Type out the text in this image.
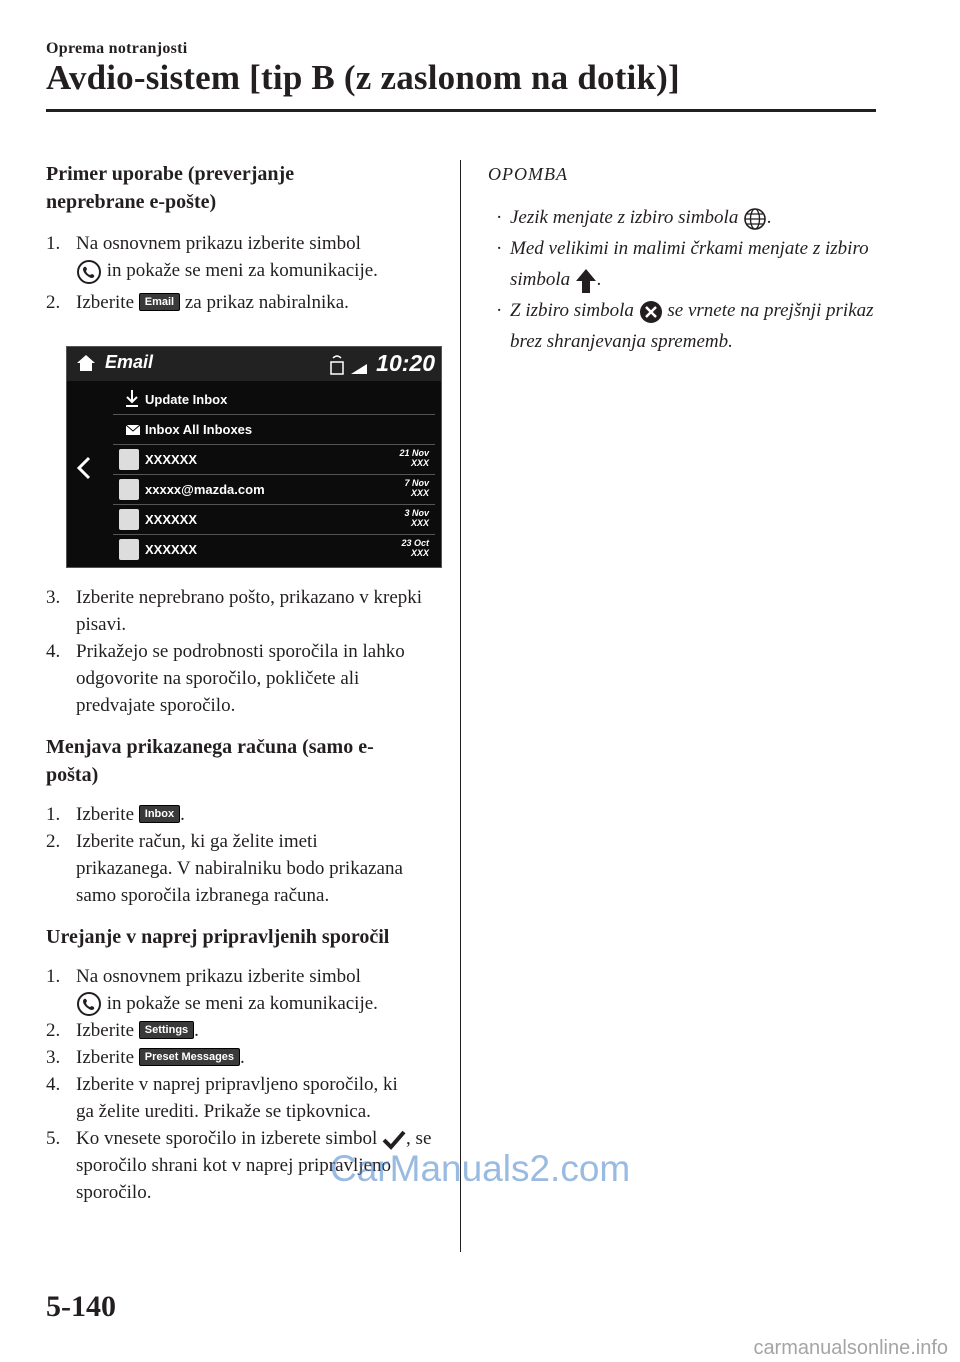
Oprema notranjosti
Avdio-sistem [tip B (z zaslonom na dotik)]
Primer uporabe (preverjanje neprebrane e-pošte)
1. Na osnovnem prikazu izberite simbol
in pokaže se meni za komunikacije.
2. Izberite Email za prikaz nabiralnika.
3. Izberite neprebrano pošto, prikazano v krepki pisavi.
4. Prikažejo se podrobnosti sporočila in lahko odgovorite na sporočilo, pokličete ali predvajate sporočilo.
Menjava prikazanega računa (samo e-pošta)
1. Izberite Inbox .
2. Izberite račun, ki ga želite imeti prikazanega. V nabiralniku bodo prikazana samo sporočila izbranega računa.
Urejanje v naprej pripravljenih sporočil
1. Na osnovnem prikazu izberite simbol
in pokaže se meni za komunikacije.
2. Izberite Settings .
3. Izberite Preset Messages .
4. Izberite v naprej pripravljeno sporočilo, ki ga želite urediti. Prikaže se tipkovnica.
5. Ko vnesete sporočilo in izberete simbol , se sporočilo shrani kot v naprej pripravljeno sporočilo.
Email	10:20
Update Inbox
Inbox All Inboxes
XXXXXX	21 Nov
XXX
xxxxx@mazda.com	7 Nov
XXX
XXXXXX	3 Nov
XXX
XXXXXX	23 Oct
XXX
OPOMBA
· Jezik menjate z izbiro simbola .
· Med velikimi in malimi črkami menjate z izbiro simbola .
· Z izbiro simbola se vrnete na prejšnji prikaz brez shranjevanja sprememb.
CarManuals2.com
5-140
carmanualsonline.info
